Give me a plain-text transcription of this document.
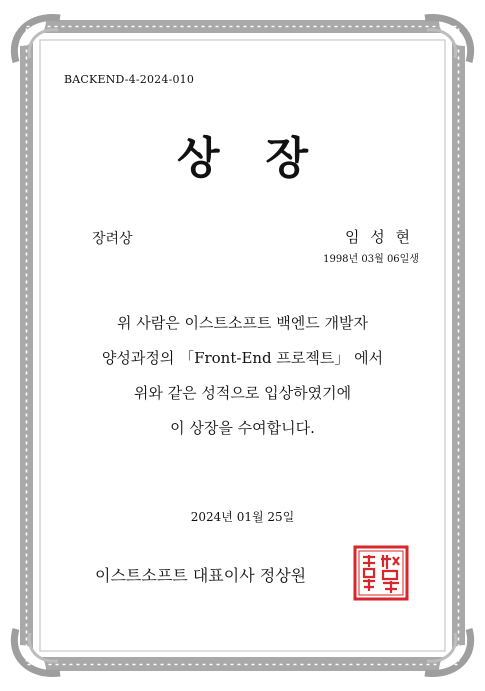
BACKEND-4-2024-010

상 장

장려상	임 성 현

1998년 03월 06일생

위 사람은 이스트소프트 백엔드 개발자

양성과정의 「Front-End 프로젝트」 에서

위와 같은 성적으로 입상하였기에

이 상장을 수여합니다.

2024년 01월 25일

이스트소프트 대표이사 정상원
